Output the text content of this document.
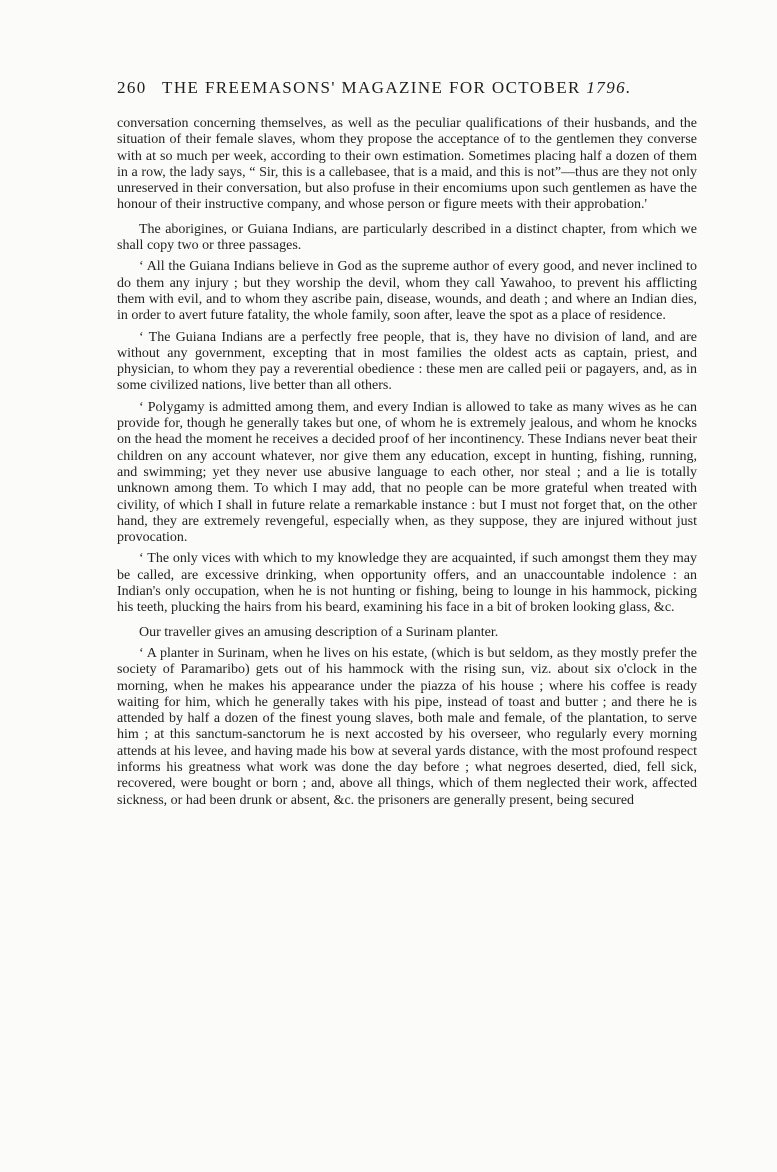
260 THE FREEMASONS' MAGAZINE FOR OCTOBER 1796.

conversation concerning themselves, as well as the peculiar qualifications of their husbands, and the situation of their female slaves, whom they propose the acceptance of to the gentlemen they converse with at so much per week, according to their own estimation. Sometimes placing half a dozen of them in a row, the lady says, “ Sir, this is a callebasee, that is a maid, and this is not”—thus are they not only unreserved in their conversation, but also profuse in their encomiums upon such gentlemen as have the honour of their instructive company, and whose person or figure meets with their approbation.'

The aborigines, or Guiana Indians, are particularly described in a distinct chapter, from which we shall copy two or three passages.

‘ All the Guiana Indians believe in God as the supreme author of every good, and never inclined to do them any injury ; but they worship the devil, whom they call Yawahoo, to prevent his afflicting them with evil, and to whom they ascribe pain, disease, wounds, and death ; and where an Indian dies, in order to avert future fatality, the whole family, soon after, leave the spot as a place of residence.

‘ The Guiana Indians are a perfectly free people, that is, they have no division of land, and are without any government, excepting that in most families the oldest acts as captain, priest, and physician, to whom they pay a reverential obedience : these men are called peii or pagayers, and, as in some civilized nations, live better than all others.

‘ Polygamy is admitted among them, and every Indian is allowed to take as many wives as he can provide for, though he generally takes but one, of whom he is extremely jealous, and whom he knocks on the head the moment he receives a decided proof of her incontinency. These Indians never beat their children on any account whatever, nor give them any education, except in hunting, fishing, running, and swimming; yet they never use abusive language to each other, nor steal ; and a lie is totally unknown among them. To which I may add, that no people can be more grateful when treated with civility, of which I shall in future relate a remarkable instance : but I must not forget that, on the other hand, they are extremely revengeful, especially when, as they suppose, they are injured without just provocation.

‘ The only vices with which to my knowledge they are acquainted, if such amongst them they may be called, are excessive drinking, when opportunity offers, and an unaccountable indolence : an Indian's only occupation, when he is not hunting or fishing, being to lounge in his hammock, picking his teeth, plucking the hairs from his beard, examining his face in a bit of broken looking glass, &c.

Our traveller gives an amusing description of a Surinam planter.

‘ A planter in Surinam, when he lives on his estate, (which is but seldom, as they mostly prefer the society of Paramaribo) gets out of his hammock with the rising sun, viz. about six o'clock in the morning, when he makes his appearance under the piazza of his house ; where his coffee is ready waiting for him, which he generally takes with his pipe, instead of toast and butter ; and there he is attended by half a dozen of the finest young slaves, both male and female, of the plantation, to serve him ; at this sanctum-sanctorum he is next accosted by his overseer, who regularly every morning attends at his levee, and having made his bow at several yards distance, with the most profound respect informs his greatness what work was done the day before ; what negroes deserted, died, fell sick, recovered, were bought or born ; and, above all things, which of them neglected their work, affected sickness, or had been drunk or absent, &c. the prisoners are generally present, being secured
